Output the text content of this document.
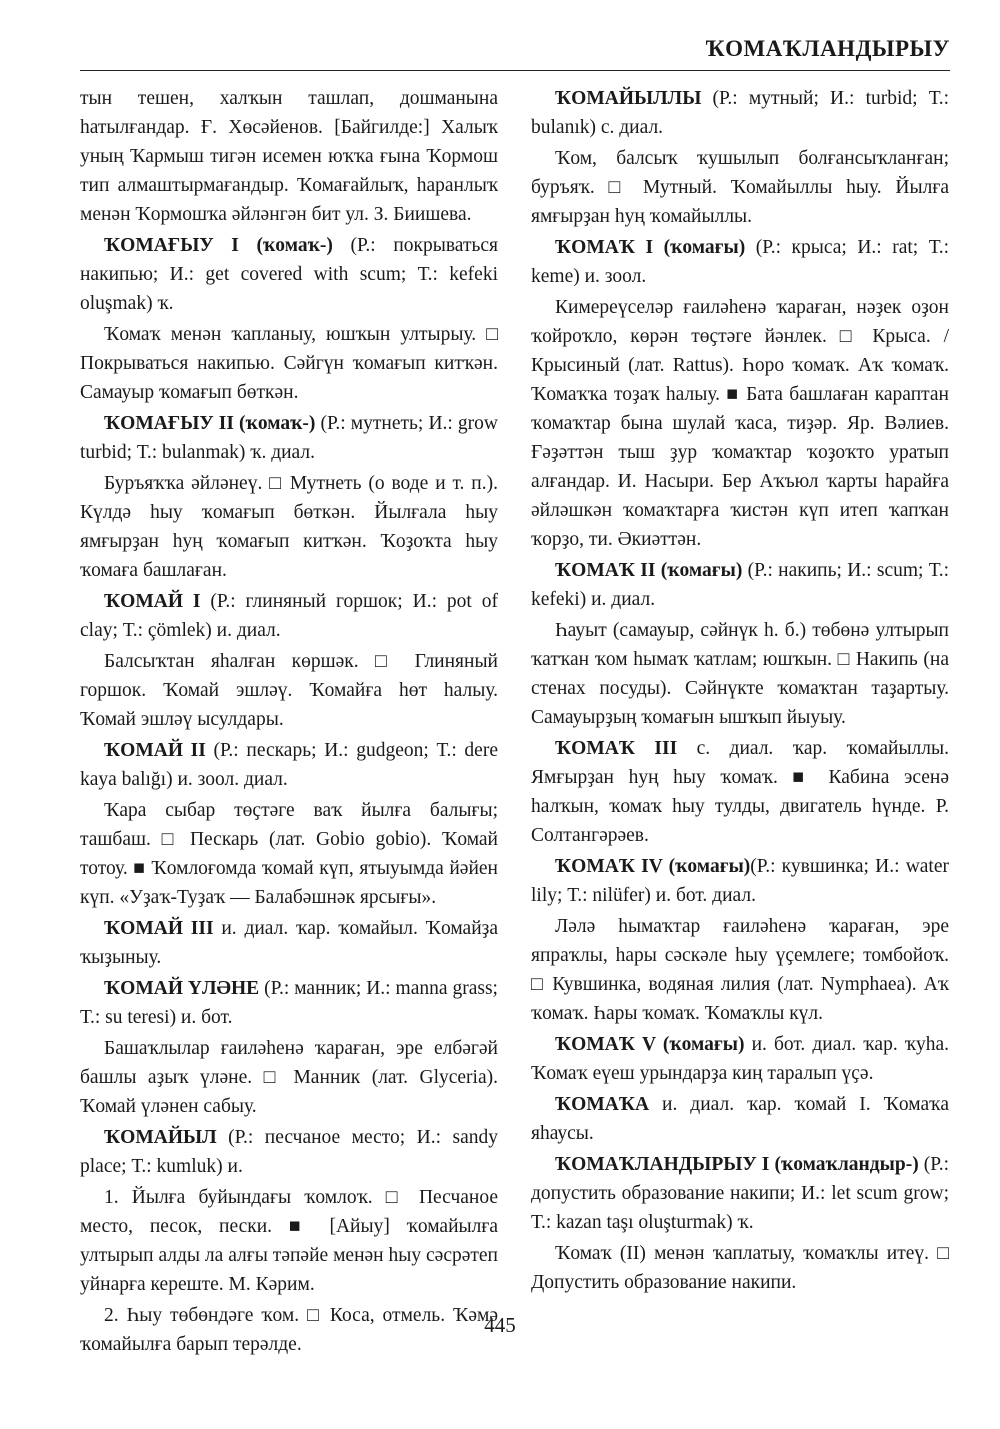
ҠОМАҠЛАНДЫРЫУ

тын тешен, халҡын ташлап, дошманына һатылғандар. Ғ. Хөсәйенов. [Байгилде:] Халыҡ уның Ҡармыш тигән исемен юҡҡа ғына Ҡормош тип алмаштырмағандыр. Ҡомағайлыҡ, һаранлыҡ менән Ҡормошҡа әйләнгән бит ул. З. Биишева.

ҠОМАҒЫУ I (ҡомаҡ-) (Р.: покрываться накипью; И.: get covered with scum; Т.: kefeki oluşmak) ҡ.

Ҡомаҡ менән ҡапланыу, юшҡын ултырыу. □ Покрываться накипью. Сәйгүн ҡомағып китҡән. Самауыр ҡомағып бөткән.

ҠОМАҒЫУ II (ҡомаҡ-) (Р.: мутнеть; И.: grow turbid; Т.: bulanmak) ҡ. диал.

Буръяҡҡа әйләнеү. □ Мутнеть (о воде и т. п.). Күлдә һыу ҡомағып бөткән. Йылғала һыу ямғырҙан һуң ҡомағып китҡән. Ҡоҙоҡта һыу ҡомаға башлаған.

ҠОМАЙ I (Р.: глиняный горшок; И.: pot of clay; Т.: çömlek) и. диал.

Балсыҡтан яһалған көршәк. □ Глиняный горшок. Ҡомай эшләү. Ҡомайға һөт һалыу. Ҡомай эшләү ысулдары.

ҠОМАЙ II (Р.: пескарь; И.: gudgeon; Т.: dere kaya balığı) и. зоол. диал.

Ҡара сыбар төҫтәге ваҡ йылға балығы; ташбаш. □ Пескарь (лат. Gobio gobio). Ҡомай тотоу. ■ Ҡомлоғомда ҡомай күп, ятыуымда йәйен күп. «Уҙаҡ-Туҙаҡ — Балабәшнәк ярсығы».

ҠОМАЙ III и. диал. ҡар. ҡомайыл. Ҡомайҙа ҡыҙыныу.

ҠОМАЙ ҮЛӘНЕ (Р.: манник; И.: manna grass; Т.: su teresi) и. бот.

Башаҡлылар ғаиләһенә ҡараған, эре елбәгәй башлы аҙыҡ үләне. □ Манник (лат. Glyceria). Ҡомай үләнен сабыу.

ҠОМАЙЫЛ (Р.: песчаное место; И.: sandy place; Т.: kumluk) и.

1. Йылға буйындағы ҡомлоҡ. □ Песчаное место, песок, пески. ■ [Айыу] ҡомайылға ултырып алды ла алғы тәпәйе менән һыу сәсрәтеп уйнарға кереште. М. Кәрим.

2. Һыу төбөндәге ҡом. □ Коса, отмель. Ҡәмә ҡомайылға барып терәлде.

ҠОМАЙЫЛЛЫ (Р.: мутный; И.: turbid; Т.: bulanık) с. диал.

Ҡом, балсыҡ ҡушылып болғансыҡланған; буръяҡ. □ Мутный. Ҡомайыллы һыу. Йылға ямғырҙан һуң ҡомайыллы.

ҠОМАҠ I (ҡомағы) (Р.: крыса; И.: rat; Т.: keme) и. зоол.

Кимереүселәр ғаиләһенә ҡараған, нәҙек оҙон ҡойроҡло, көрән төҫтәге йәнлек. □ Крыса. / Крысиный (лат. Rattus). Һоро ҡомаҡ. Аҡ ҡомаҡ. Ҡомаҡҡа тоҙаҡ һалыу. ■ Бата башлаған караптан ҡомаҡтар бына шулай ҡаса, тиҙәр. Яр. Вәлиев. Ғәҙәттән тыш ҙур ҡомаҡтар ҡоҙоҡто уратып алғандар. И. Насыри. Бер Аҡъюл ҡарты һарайға әйләшкән ҡомаҡтарға ҡистән күп итеп ҡапҡан ҡорҙо, ти. Әкиәттән.

ҠОМАҠ II (ҡомағы) (Р.: накипь; И.: scum; Т.: kefeki) и. диал.

Һауыт (самауыр, сәйнүк һ. б.) төбөнә ултырып ҡатҡан ҡом һымаҡ ҡатлам; юшҡын. □ Накипь (на стенах посуды). Сәйнүкте ҡомаҡтан таҙартыу. Самауырҙың ҡомағын ышҡып йыуыу.

ҠОМАҠ III с. диал. ҡар. ҡомайыллы. Ямғырҙан һуң һыу ҡомаҡ. ■ Кабина эсенә һалҡын, ҡомаҡ һыу тулды, двигатель һүнде. Р. Солтангәрәев.

ҠОМАҠ IV (ҡомағы)(Р.: кувшинка; И.: water lily; Т.: nilüfer) и. бот. диал.

Ләлә һымаҡтар ғаиләһенә ҡараған, эре япраҡлы, һары сәскәле һыу үҫемлеге; томбойоҡ. □ Кувшинка, водяная лилия (лат. Nymphaea). Аҡ ҡомаҡ. Һары ҡомаҡ. Ҡомаҡлы күл.

ҠОМАҠ V (ҡомағы) и. бот. диал. ҡар. ҡуһа. Ҡомаҡ еүеш урындарҙа киң таралып үҫә.

ҠОМАҠА и. диал. ҡар. ҡомай I. Ҡомаҡа яһаусы.

ҠОМАҠЛАНДЫРЫУ I (ҡомаҡландыр-) (Р.: допустить образование накипи; И.: let scum grow; Т.: kazan taşı oluşturmak) ҡ.

Ҡомаҡ (II) менән ҡаплатыу, ҡомаҡлы итеү. □ Допустить образование накипи.

445
